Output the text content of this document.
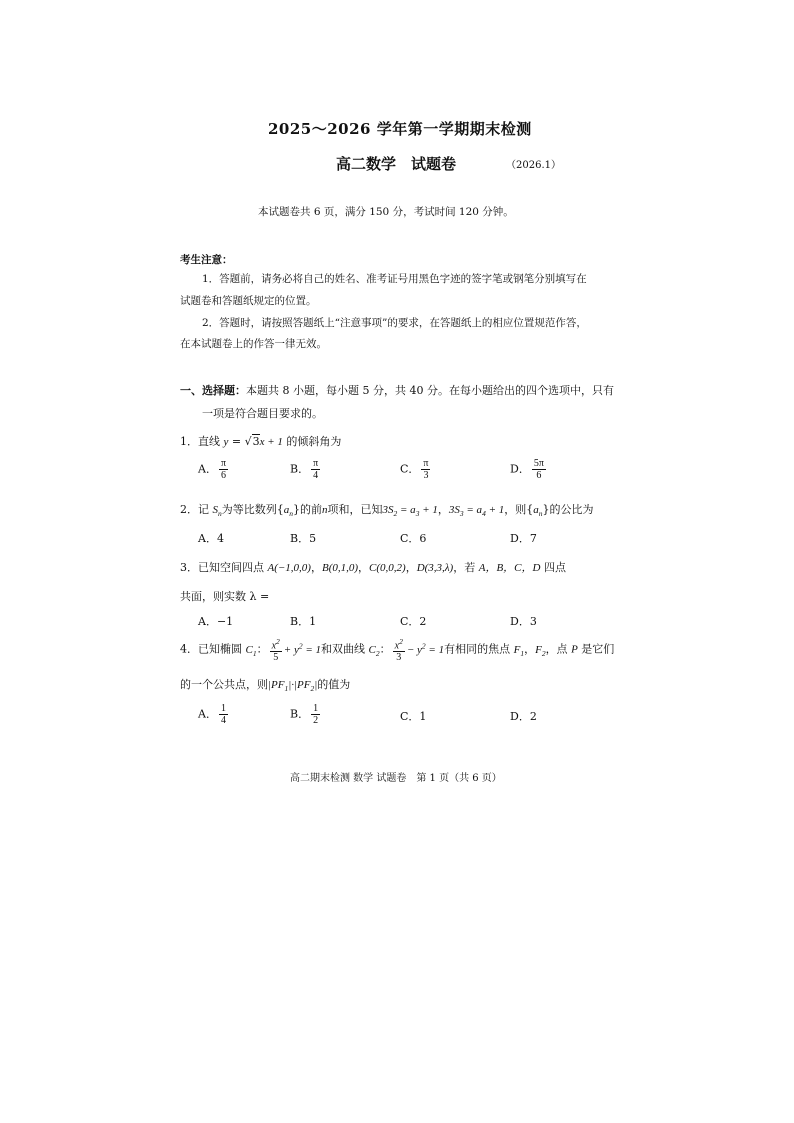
2025～2026 学年第一学期期末检测
高二数学　试题卷	（2026.1）
本试题卷共 6 页，满分 150 分，考试时间 120 分钟。
考生注意：
1．答题前，请务必将自己的姓名、准考证号用黑色字迹的签字笔或钢笔分别填写在
试题卷和答题纸规定的位置。
2．答题时，请按照答题纸上“注意事项”的要求，在答题纸上的相应位置规范作答，
在本试题卷上的作答一律无效。
一、选择题：本题共 8 小题，每小题 5 分，共 40 分。在每小题给出的四个选项中，只有
一项是符合题目要求的。
1．直线 y = √3x + 1 的倾斜角为
A． $\frac{\pi}{6}$	B． $\frac{\pi}{4}$	C． $\frac{\pi}{3}$	D． $\frac{5\pi}{6}$
2．记 $S_n$为等比数列$\{a_n\}$的前n项和，已知$3S_2 = a_3 + 1$，$3S_3 = a_4 + 1$，则$\{a_n\}$的公比为
A．4	B．5	C．6	D．7
3．已知空间四点 A(−1,0,0)，B(0,1,0)，C(0,0,2)，D(3,3,λ)，若 A，B，C，D 四点
共面，则实数 λ =
A．−1	B．1	C．2	D．3
4．已知椭圆 $C_1$： $\frac{x^2}{5} + y^2 = 1$和双曲线 $C_2$： $\frac{x^2}{3} - y^2 = 1$有相同的焦点 $F_1$，$F_2$，点 P 是它们
的一个公共点，则$|PF_1|\cdot|PF_2|$的值为
A． $\frac{1}{4}$	B． $\frac{1}{2}$	C．1	D．2
高二期末检测 数学 试题卷　第 1 页（共 6 页）
